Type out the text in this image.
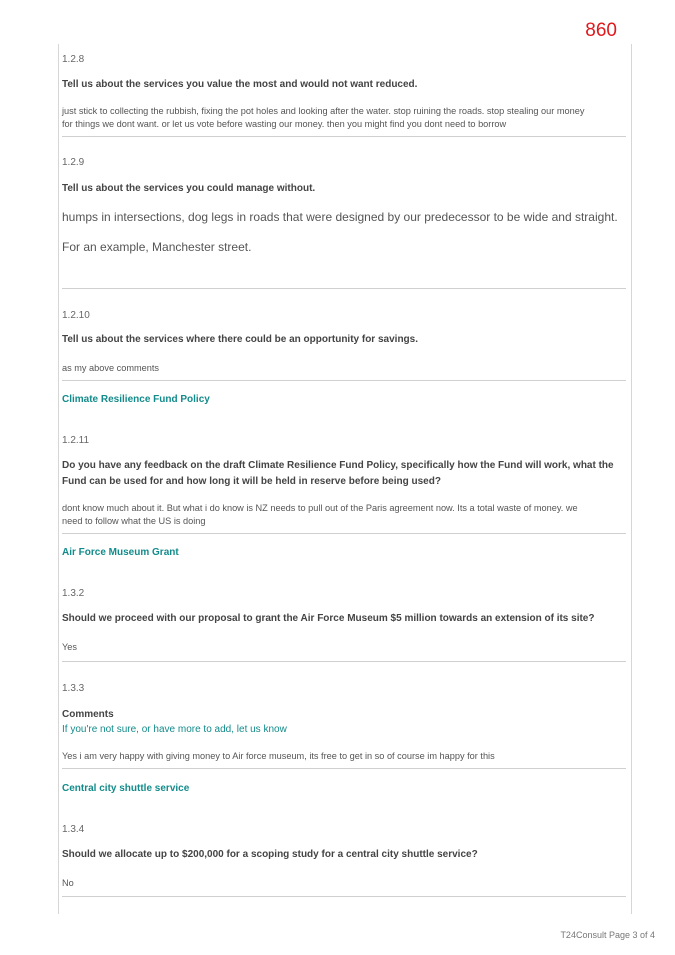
860
1.2.8
Tell us about the services you value the most and would not want reduced.
just stick to collecting the rubbish, fixing the pot holes and looking after the water. stop ruining the roads. stop stealing our money
for things we dont want. or let us vote before wasting our money. then you might find you dont need to borrow
1.2.9
Tell us about the services you could manage without.
humps in intersections, dog legs in roads that were designed by our predecessor to be wide and straight.
For an example, Manchester street.
1.2.10
Tell us about the services where there could be an opportunity for savings.
as my above comments
Climate Resilience Fund Policy
1.2.11
Do you have any feedback on the draft Climate Resilience Fund Policy, specifically how the Fund will work, what the
Fund can be used for and how long it will be held in reserve before being used?
dont know much about it. But what i do know is NZ needs to pull out of the Paris agreement now. Its a total waste of money. we
need to follow what the US is doing
Air Force Museum Grant
1.3.2
Should we proceed with our proposal to grant the Air Force Museum $5 million towards an extension of its site?
Yes
1.3.3
Comments
If you're not sure, or have more to add, let us know
Yes i am very happy with giving money to Air force museum, its free to get in so of course im happy for this
Central city shuttle service
1.3.4
Should we allocate up to $200,000 for a scoping study for a central city shuttle service?
No
T24Consult Page 3 of 4
